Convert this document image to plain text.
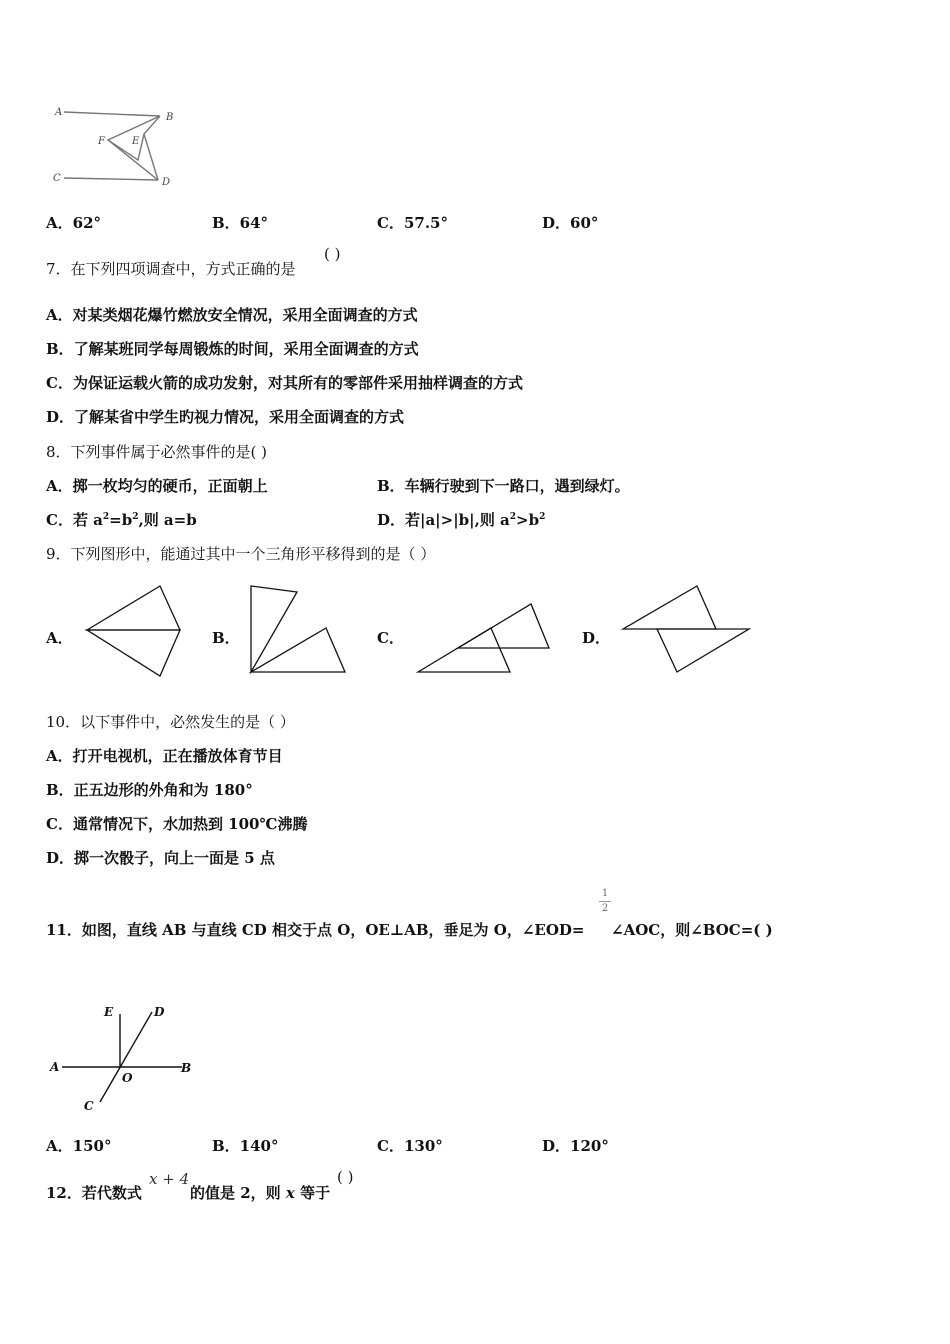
A	B
F	E
C	D
A．62°	B．64°	C．57.5°	D．60°
7．在下列四项调查中，方式正确的是
( )
A．对某类烟花爆竹燃放安全情况，采用全面调查的方式
B．了解某班同学每周锻炼的时间，采用全面调查的方式
C．为保证运载火箭的成功发射，对其所有的零部件采用抽样调查的方式
D．了解某省中学生旳视力情况，采用全面调查的方式
8．下列事件属于必然事件的是( )
A．掷一枚均匀的硬币，正面朝上	B．车辆行驶到下一路口，遇到绿灯。
C．若 $a^2=b^2$,则 a=b	D．若|a|>|b|,则 $a^2>b^2$
9．下列图形中，能通过其中一个三角形平移得到的是（ ）
A．	B．	C．	D．
10．以下事件中，必然发生的是（ ）
A．打开电视机，正在播放体育节目
B．正五边形的外角和为 180°
C．通常情况下，水加热到 100℃沸腾
D．掷一次骰子，向上一面是 5 点
11．如图，直线 AB 与直线 CD 相交于点 O，OE⊥AB，垂足为 O，∠EOD=
1
2
∠AOC，则∠BOC=( )
E	D
A
O
B
C
A．150°	B．140°	C．130°	D．120°
12．若代数式
x + 4
的值是 2，则 x 等于
( )
